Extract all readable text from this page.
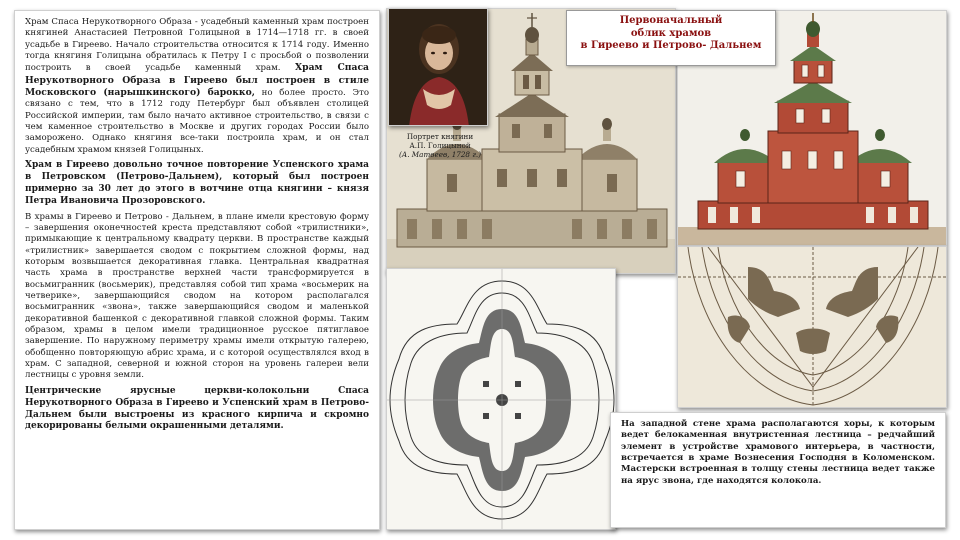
Храм Спаса Нерукотворного Образа - усадебный каменный храм построен княгиней Анастасией Петровной Голицыной в 1714—1718 гг. в своей усадьбе в Гиреево. Начало строительства относится к 1714 году. Именно тогда княгиня Голицына обратилась к Петру I с просьбой о позволении построить в своей усадьбе каменный храм. Храм Спаса Нерукотворного Образа в Гиреево был построен в стиле Московского (нарышкинского) барокко, но более просто. Это связано с тем, что в 1712 году Петербург был объявлен столицей Российской империи, там было начато активное строительство, в связи с чем каменное строительство в Москве и других городах России было заморожено. Однако княгиня все-таки построила храм, и он стал усадебным храмом князей Голицыных.

Храм в Гиреево довольно точное повторение Успенского храма в Петровском (Петрово-Дальнем), который был построен примерно за 30 лет до этого в вотчине отца княгини – князя Петра Ивановича Прозоровского.

В храмы в Гиреево и Петрово - Дальнем, в плане имели крестовую форму – завершения оконечностей креста представляют собой «трилистники», примыкающие к центральному квадрату церкви. В пространстве каждый «трилистник» завершается сводом с покрытием сложной формы, над которым возвышается декоративная главка. Центральная квадратная часть храма в пространстве верхней части трансформируется в восьмигранник (восьмерик), представляя собой тип храма «восьмерик на четверике», завершающийся сводом на котором располагался восьмигранник «звона», также завершающийся сводом и маленькой декоративной башенкой с декоративной главкой сложной формы. Таким образом, храмы в целом имели традиционное русское пятиглавое завершение. По наружному периметру храмы имели открытую галерею, обобщенно повторяющую абрис храма, и с которой осуществлялся вход в храм. С западной, северной и южной сторон на уровень галереи вели лестницы с уровня земли.

Центрические ярусные церкви-колокольни Спаса Нерукотворного Образа в Гиреево и Успенский храм в Петрово-Дальнем были выстроены из красного кирпича и скромно декорированы белыми окрашенными деталями.

Портрет княгини
А.П. Голицыной
(А. Матвеев, 1728 г.)
Первоначальный
облик храмов
в Гиреево и Петрово- Дальнем
На западной стене храма располагаются хоры, к которым ведет белокаменная внутристенная лестница – редчайший элемент в устройстве храмового интерьера, в частности, встречается в храме Вознесения Господня в Коломенском. Мастерски встроенная в толщу стены лестница ведет также на ярус звона, где находятся колокола.
